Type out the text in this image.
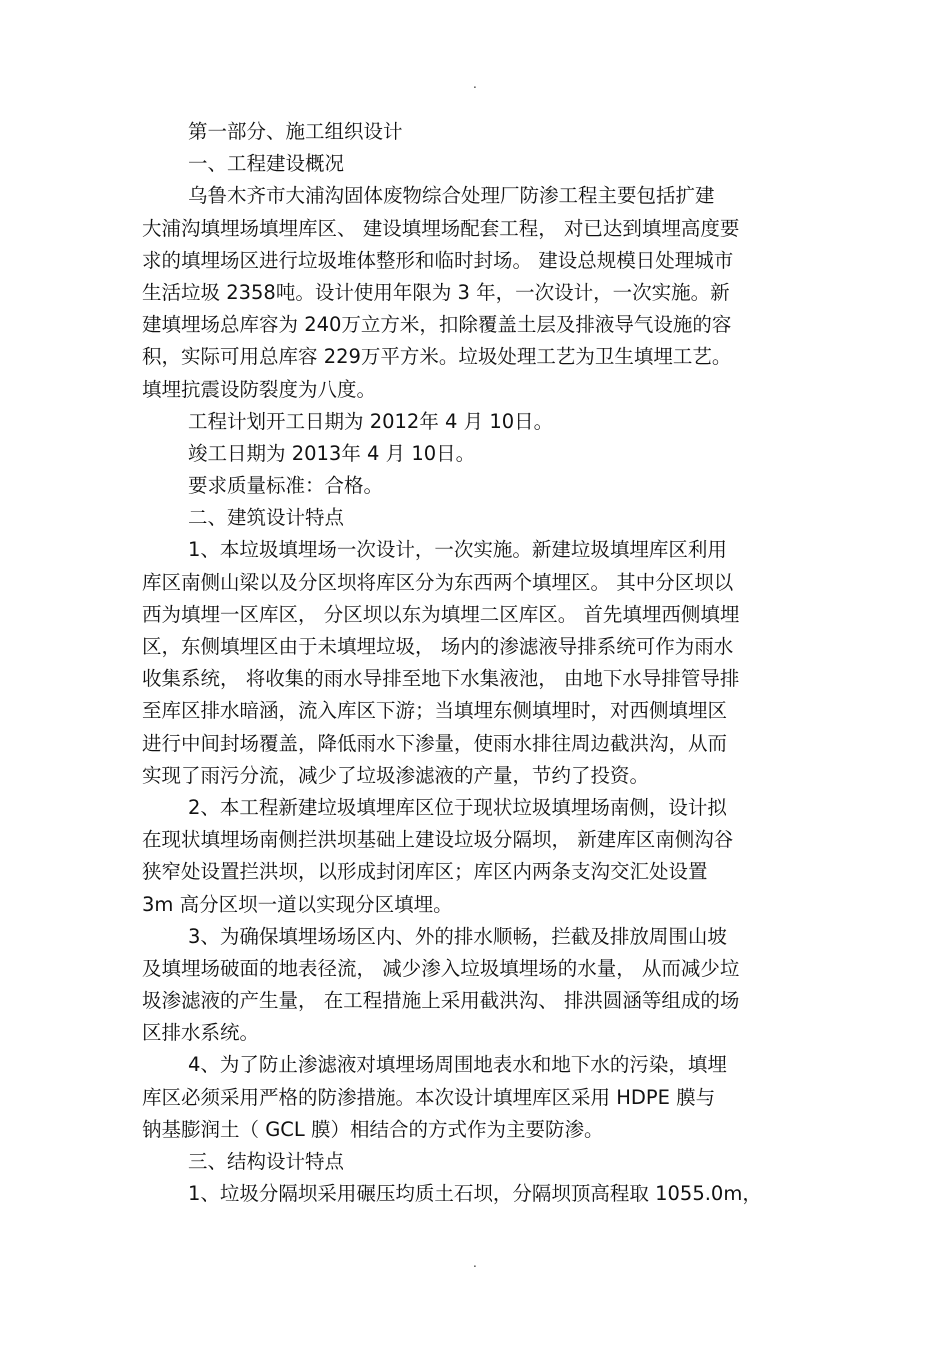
.
第一部分、施工组织设计
一、工程建设概况
乌鲁木齐市大浦沟固体废物综合处理厂防渗工程主要包括扩建
大浦沟填埋场填埋库区、 建设填埋场配套工程， 对已达到填埋高度要
求的填埋场区进行垃圾堆体整形和临时封场。 建设总规模日处理城市
生活垃圾 2358吨。设计使用年限为 3 年，一次设计，一次实施。新
建填埋场总库容为 240万立方米，扣除覆盖土层及排液导气设施的容
积，实际可用总库容 229万平方米。垃圾处理工艺为卫生填埋工艺。
填埋抗震设防裂度为八度。
工程计划开工日期为 2012年 4 月 10日。
竣工日期为 2013年 4 月 10日。
要求质量标准：合格。
二、建筑设计特点
1、本垃圾填埋场一次设计，一次实施。新建垃圾填埋库区利用
库区南侧山梁以及分区坝将库区分为东西两个填埋区。 其中分区坝以
西为填埋一区库区， 分区坝以东为填埋二区库区。 首先填埋西侧填埋
区，东侧填埋区由于未填埋垃圾， 场内的渗滤液导排系统可作为雨水
收集系统， 将收集的雨水导排至地下水集液池， 由地下水导排管导排
至库区排水暗涵，流入库区下游；当填埋东侧填埋时，对西侧填埋区
进行中间封场覆盖，降低雨水下渗量，使雨水排往周边截洪沟，从而
实现了雨污分流，减少了垃圾渗滤液的产量，节约了投资。
2、本工程新建垃圾填埋库区位于现状垃圾填埋场南侧，设计拟
在现状填埋场南侧拦洪坝基础上建设垃圾分隔坝， 新建库区南侧沟谷
狭窄处设置拦洪坝，以形成封闭库区；库区内两条支沟交汇处设置
3m 高分区坝一道以实现分区填埋。
3、为确保填埋场场区内、外的排水顺畅，拦截及排放周围山坡
及填埋场破面的地表径流， 减少渗入垃圾填埋场的水量， 从而减少垃
圾渗滤液的产生量， 在工程措施上采用截洪沟、 排洪圆涵等组成的场
区排水系统。
4、为了防止渗滤液对填埋场周围地表水和地下水的污染，填埋
库区必须采用严格的防渗措施。本次设计填埋库区采用 HDPE 膜与
钠基膨润土（ GCL 膜）相结合的方式作为主要防渗。
三、结构设计特点
1、垃圾分隔坝采用碾压均质土石坝，分隔坝顶高程取 1055.0m，
.
